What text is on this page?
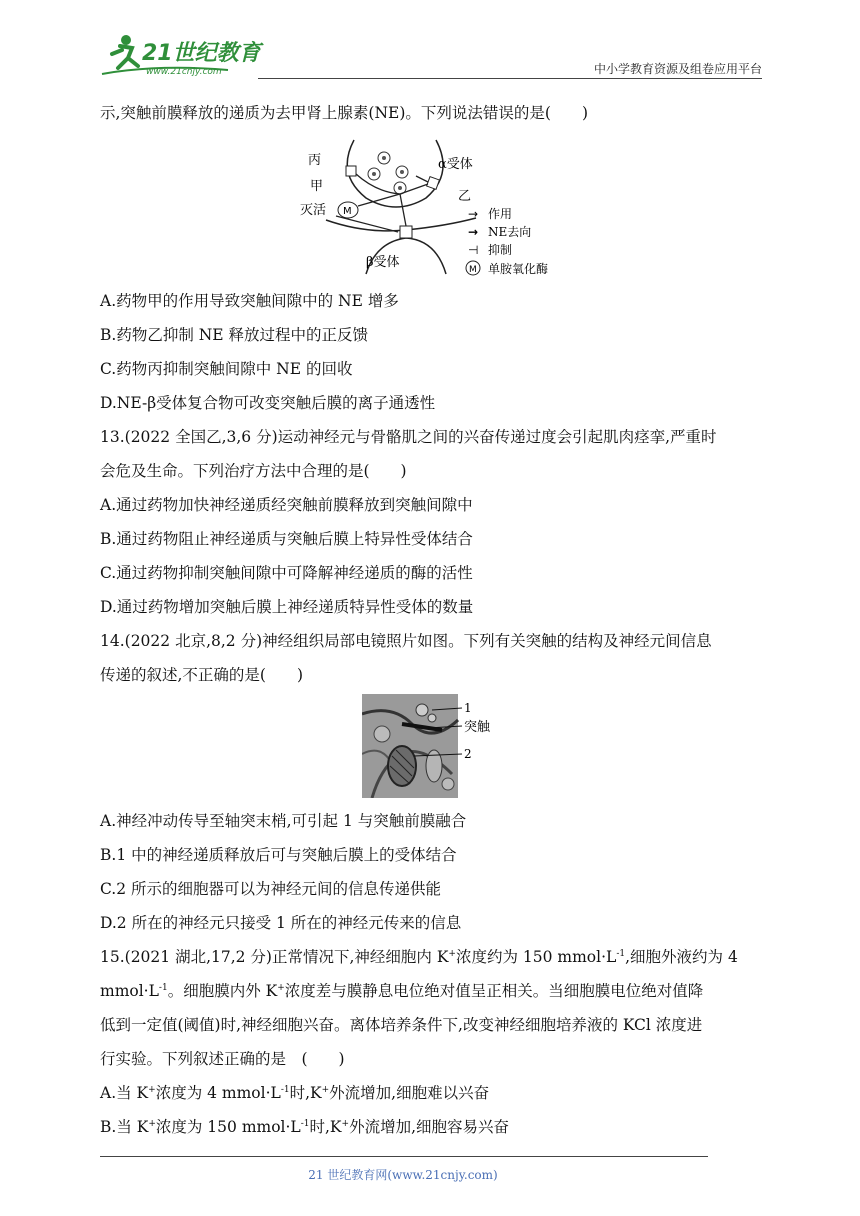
21世纪教育
www.21cnjy.com	中小学教育资源及组卷应用平台
示,突触前膜释放的递质为去甲肾上腺素(NE)。下列说法错误的是(　　)
M
丙
甲
灭活
α受体
乙
β受体
→ 作用
→ NE去向
⊣ 抑制
M 单胺氧化酶
A.药物甲的作用导致突触间隙中的 NE 增多
B.药物乙抑制 NE 释放过程中的正反馈
C.药物丙抑制突触间隙中 NE 的回收
D.NE-β受体复合物可改变突触后膜的离子通透性
13.(2022 全国乙,3,6 分)运动神经元与骨骼肌之间的兴奋传递过度会引起肌肉痉挛,严重时
会危及生命。下列治疗方法中合理的是(　　)
A.通过药物加快神经递质经突触前膜释放到突触间隙中
B.通过药物阻止神经递质与突触后膜上特异性受体结合
C.通过药物抑制突触间隙中可降解神经递质的酶的活性
D.通过药物增加突触后膜上神经递质特异性受体的数量
14.(2022 北京,8,2 分)神经组织局部电镜照片如图。下列有关突触的结构及神经元间信息
传递的叙述,不正确的是(　　)
1
突触
2
A.神经冲动传导至轴突末梢,可引起 1 与突触前膜融合
B.1 中的神经递质释放后可与突触后膜上的受体结合
C.2 所示的细胞器可以为神经元间的信息传递供能
D.2 所在的神经元只接受 1 所在的神经元传来的信息
15.(2021 湖北,17,2 分)正常情况下,神经细胞内 K+浓度约为 150 $mmol\cdot L^{-1}$,细胞外液约为 4
$mmol\cdot L^{-1}$。细胞膜内外 K+浓度差与膜静息电位绝对值呈正相关。当细胞膜电位绝对值降
低到一定值(阈值)时,神经细胞兴奋。离体培养条件下,改变神经细胞培养液的 KCl 浓度进
行实验。下列叙述正确的是　(　　)
A.当 K+浓度为 4 $mmol\cdot L^{-1}$时,K+外流增加,细胞难以兴奋
B.当 K+浓度为 150 $mmol\cdot L^{-1}$时,K+外流增加,细胞容易兴奋
21 世纪教育网(www.21cnjy.com)
